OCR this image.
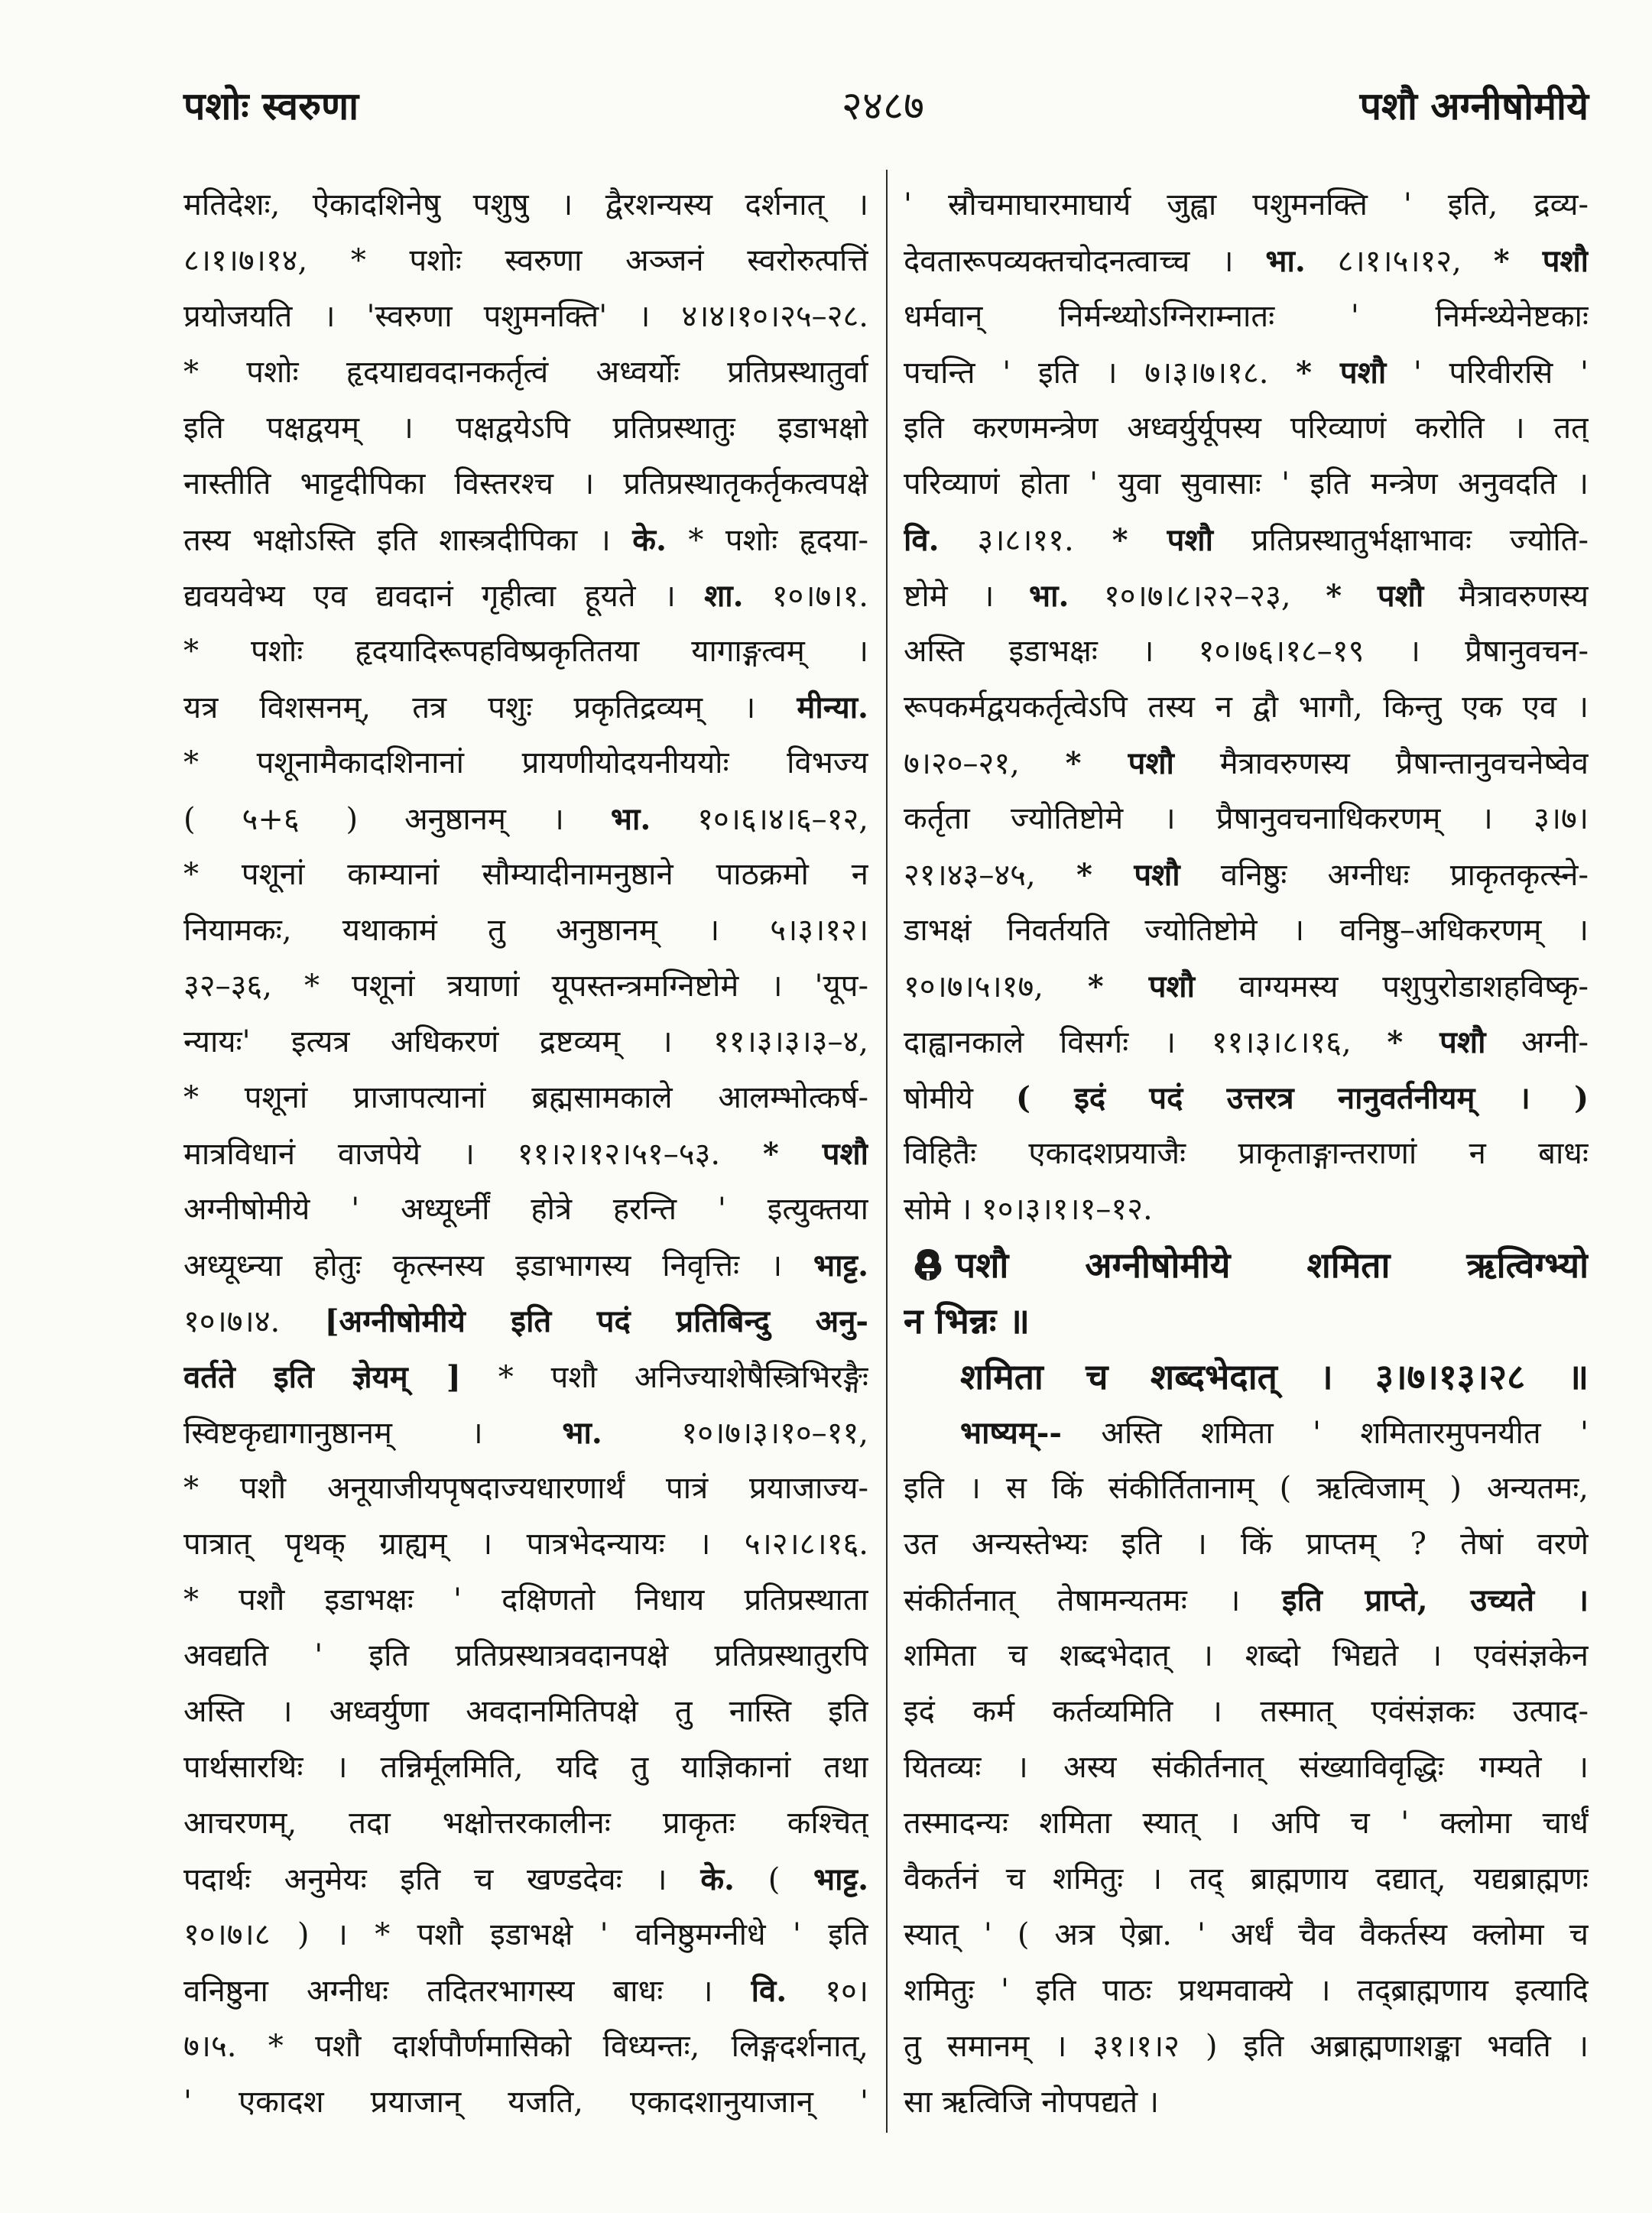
पशोः स्वरुणा	२४८७	पशौ अग्नीषोमीये
मतिदेशः, ऐकादशिनेषु पशुषु । द्वैरशन्यस्य दर्शनात् ।
८।१।७।१४, * पशोः स्वरुणा अञ्जनं स्वरोरुत्पत्तिं
प्रयोजयति । 'स्वरुणा पशुमनक्ति' । ४।४।१०।२५–२८.
* पशोः हृदयाद्यवदानकर्तृत्वं अध्वर्योः प्रतिप्रस्थातुर्वा
इति पक्षद्वयम् । पक्षद्वयेऽपि प्रतिप्रस्थातुः इडाभक्षो
नास्तीति भाट्टदीपिका विस्तरश्च । प्रतिप्रस्थातृकर्तृकत्वपक्षे
तस्य भक्षोऽस्ति इति शास्त्रदीपिका । के. * पशोः हृदया-
द्यवयवेभ्य एव द्यवदानं गृहीत्वा हूयते । शा. १०।७।१.
* पशोः हृदयादिरूपहविष्प्रकृतितया यागाङ्गत्वम् ।
यत्र विशसनम्, तत्र पशुः प्रकृतिद्रव्यम् । मीन्या.
* पशूनामैकादशिनानां प्रायणीयोदयनीययोः विभज्य
( ५+६ ) अनुष्ठानम् । भा. १०।६।४।६–१२,
* पशूनां काम्यानां सौम्यादीनामनुष्ठाने पाठक्रमो न
नियामकः, यथाकामं तु अनुष्ठानम् । ५।३।१२।
३२–३६, * पशूनां त्रयाणां यूपस्तन्त्रमग्निष्टोमे । 'यूप-
न्यायः' इत्यत्र अधिकरणं द्रष्टव्यम् । ११।३।३।३–४,
* पशूनां प्राजापत्यानां ब्रह्मसामकाले आलम्भोत्कर्ष-
मात्रविधानं वाजपेये । ११।२।१२।५१–५३. * पशौ
अग्नीषोमीये ' अध्यूर्ध्नीं होत्रे हरन्ति ' इत्युक्तया
अध्यूध्न्या होतुः कृत्स्नस्य इडाभागस्य निवृत्तिः । भाट्ट.
१०।७।४. [अग्नीषोमीये इति पदं प्रतिबिन्दु अनु-
वर्तते इति ज्ञेयम् ] * पशौ अनिज्याशेषैस्त्रिभिरङ्गैः
स्विष्टकृद्यागानुष्ठानम् । भा. १०।७।३।१०–११,
* पशौ अनूयाजीयपृषदाज्यधारणार्थं पात्रं प्रयाजाज्य-
पात्रात् पृथक् ग्राह्यम् । पात्रभेदन्यायः । ५।२।८।१६.
* पशौ इडाभक्षः ' दक्षिणतो निधाय प्रतिप्रस्थाता
अवद्यति ' इति प्रतिप्रस्थात्रवदानपक्षे प्रतिप्रस्थातुरपि
अस्ति । अध्वर्युणा अवदानमितिपक्षे तु नास्ति इति
पार्थसारथिः । तन्निर्मूलमिति, यदि तु याज्ञिकानां तथा
आचरणम्, तदा भक्षोत्तरकालीनः प्राकृतः कश्चित्
पदार्थः अनुमेयः इति च खण्डदेवः । के. ( भाट्ट.
१०।७।८ ) । * पशौ इडाभक्षे ' वनिष्ठुमग्नीधे ' इति
वनिष्ठुना अग्नीधः तदितरभागस्य बाधः । वि. १०।
७।५. * पशौ दार्शपौर्णमासिको विध्यन्तः, लिङ्गदर्शनात्,
' एकादश प्रयाजान् यजति, एकादशानुयाजान् '
' स्रौचमाघारमाघार्य जुह्वा पशुमनक्ति ' इति, द्रव्य-
देवतारूपव्यक्तचोदनत्वाच्च । भा. ८।१।५।१२, * पशौ
धर्मवान् निर्मन्थ्योऽग्निराम्नातः ' निर्मन्थ्येनेष्टकाः
पचन्ति ' इति । ७।३।७।१८. * पशौ ' परिवीरसि '
इति करणमन्त्रेण अध्वर्युर्यूपस्य परिव्याणं करोति । तत्
परिव्याणं होता ' युवा सुवासाः ' इति मन्त्रेण अनुवदति ।
वि. ३।८।११. * पशौ प्रतिप्रस्थातुर्भक्षाभावः ज्योति-
ष्टोमे । भा. १०।७।८।२२–२३, * पशौ मैत्रावरुणस्य
अस्ति इडाभक्षः । १०।७६।१८–१९ । प्रैषानुवचन-
रूपकर्मद्वयकर्तृत्वेऽपि तस्य न द्वौ भागौ, किन्तु एक एव ।
७।२०–२१, * पशौ मैत्रावरुणस्य प्रैषान्तानुवचनेष्वेव
कर्तृता ज्योतिष्टोमे । प्रैषानुवचनाधिकरणम् । ३।७।
२१।४३–४५, * पशौ वनिष्ठुः अग्नीधः प्राकृतकृत्स्ने-
डाभक्षं निवर्तयति ज्योतिष्टोमे । वनिष्ठु–अधिकरणम् ।
१०।७।५।१७, * पशौ वाग्यमस्य पशुपुरोडाशहविष्कृ-
दाह्वानकाले विसर्गः । ११।३।८।१६, * पशौ अग्नी-
षोमीये ( इदं पदं उत्तरत्र नानुवर्तनीयम् । )
विहितैः एकादशप्रयाजैः प्राकृताङ्गान्तराणां न बाधः
सोमे । १०।३।१।१–१२.
पशौ अग्नीषोमीये शमिता ऋत्विग्भ्यो
न भिन्नः ॥
शमिता च शब्दभेदात् । ३।७।१३।२८ ॥
भाष्यम्-- अस्ति शमिता ' शमितारमुपनयीत '
इति । स किं संकीर्तितानाम् ( ऋत्विजाम् ) अन्यतमः,
उत अन्यस्तेभ्यः इति । किं प्राप्तम् ? तेषां वरणे
संकीर्तनात् तेषामन्यतमः । इति प्राप्ते, उच्यते ।
शमिता च शब्दभेदात् । शब्दो भिद्यते । एवंसंज्ञकेन
इदं कर्म कर्तव्यमिति । तस्मात् एवंसंज्ञकः उत्पाद-
यितव्यः । अस्य संकीर्तनात् संख्याविवृद्धिः गम्यते ।
तस्मादन्यः शमिता स्यात् । अपि च ' क्लोमा चार्धं
वैकर्तनं च शमितुः । तद् ब्राह्मणाय दद्यात्, यद्यब्राह्मणः
स्यात् ' ( अत्र ऐब्रा. ' अर्धं चैव वैकर्तस्य क्लोमा च
शमितुः ' इति पाठः प्रथमवाक्ये । तद्ब्राह्मणाय इत्यादि
तु समानम् । ३१।१।२ ) इति अब्राह्मणाशङ्का भवति ।
सा ऋत्विजि नोपपद्यते ।
